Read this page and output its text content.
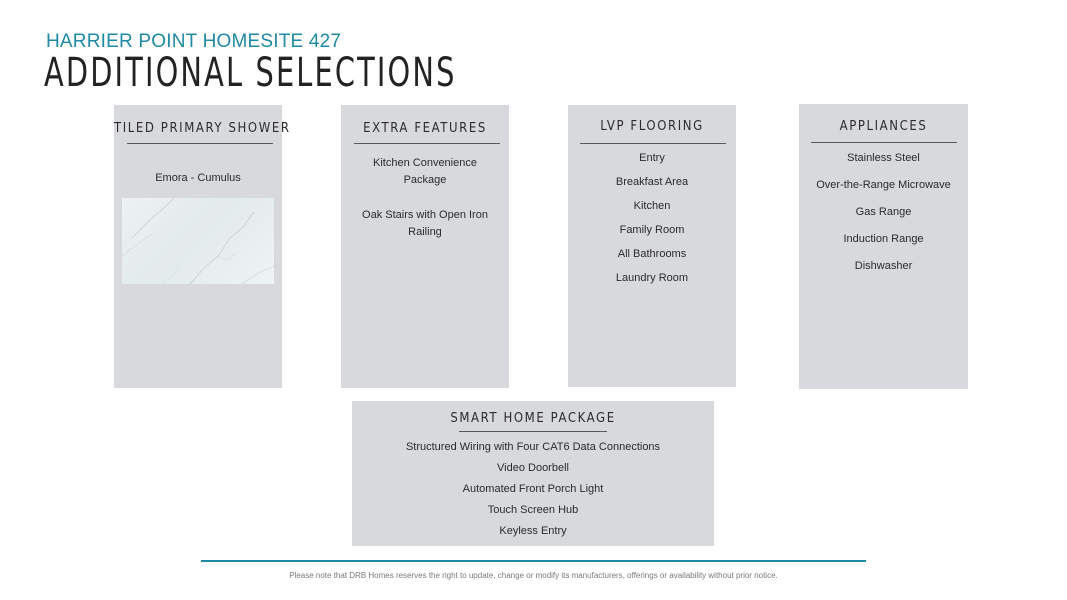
HARRIER POINT HOMESITE 427
ADDITIONAL SELECTIONS
TILED PRIMARY SHOWER
Emora - Cumulus
EXTRA FEATURES
Kitchen Convenience
Package
Oak Stairs with Open Iron
Railing
LVP FLOORING
Entry
Breakfast Area
Kitchen
Family Room
All Bathrooms
Laundry Room
APPLIANCES
Stainless Steel
Over-the-Range Microwave
Gas Range
Induction Range
Dishwasher
SMART HOME PACKAGE
Structured Wiring with Four CAT6 Data Connections
Video Doorbell
Automated Front Porch Light
Touch Screen Hub
Keyless Entry
Please note that DRB Homes reserves the right to update, change or modify its manufacturers, offerings or availability without prior notice.
